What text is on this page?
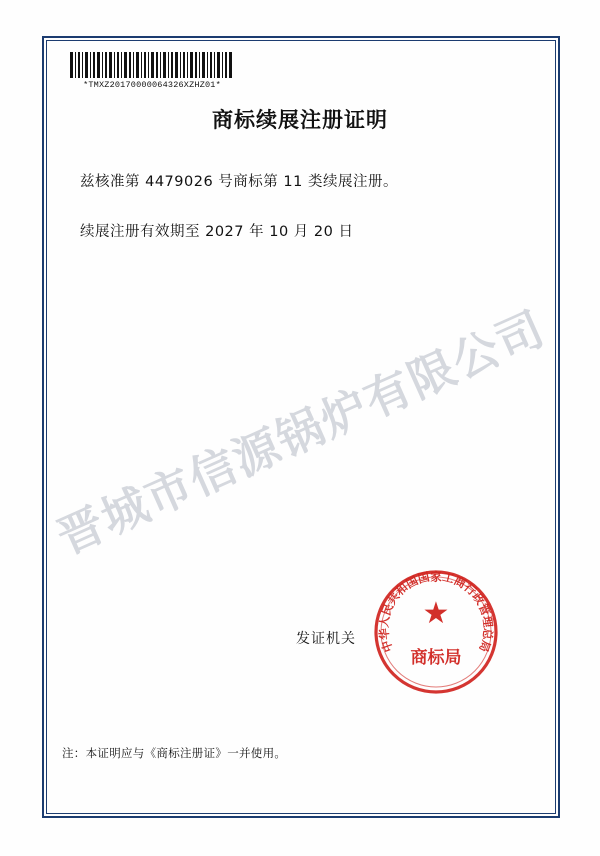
*TMXZ20170000064326XZHZ01*
商标续展注册证明
兹核准第 4479026 号商标第 11 类续展注册。
续展注册有效期至 2027 年 10 月 20 日
晋城市信源锅炉有限公司
发证机关 中华人民共和国国家工商行政管理总局
★
商标局
注：本证明应与《商标注册证》一并使用。
